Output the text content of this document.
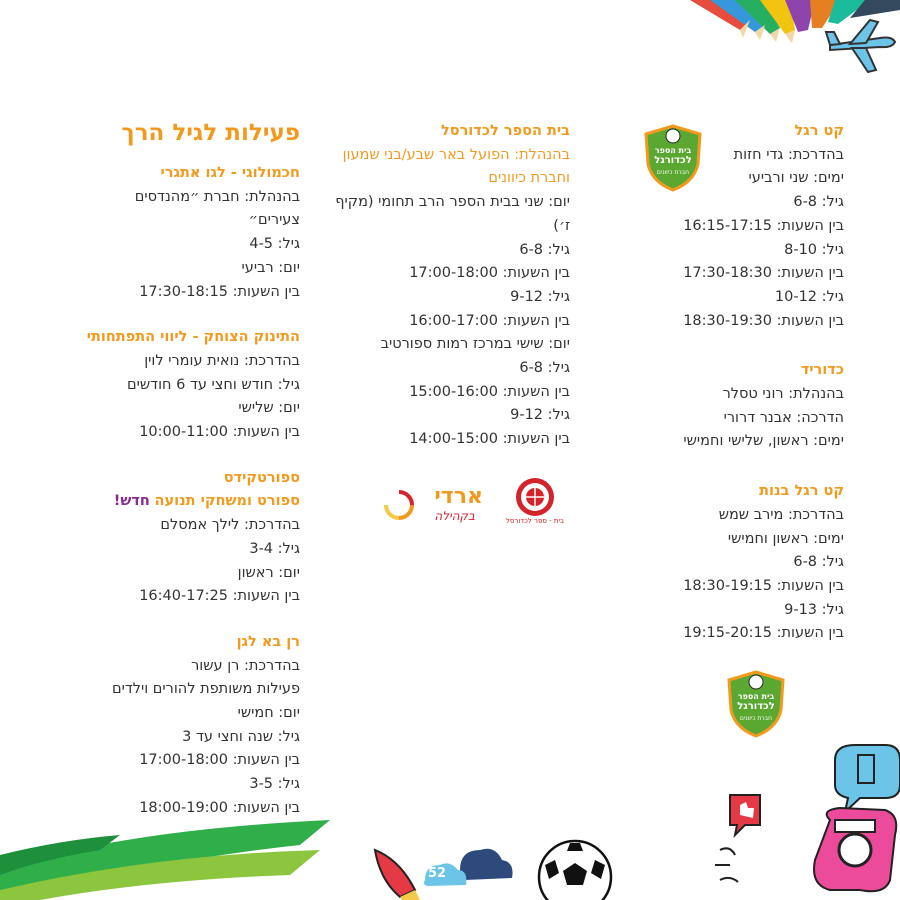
52
קט רגל
בהדרכת: גדי חזות
ימים: שני ורביעי
גיל: 6-8
בין השעות: 16:15-17:15
גיל: 8-10
בין השעות: 17:30-18:30
גיל: 10-12
בין השעות: 18:30-19:30
כדוריד
בהנהלת: רוני טסלר
הדרכה: אבנר דרורי
ימים: ראשון, שלישי וחמישי
קט רגל בנות
בהדרכת: מירב שמש
ימים: ראשון וחמישי
גיל: 6-8
בין השעות: 18:30-19:15
גיל: 9-13
בין השעות: 19:15-20:15
בית הספר
לכדורגל
חברת כיוונים
בית הספר
לכדורגל
חברת כיוונים
בית הספר לכדורסל
בהנהלת: הפועל באר שבע/בני שמעון וחברת כיוונים
יום: שני בבית הספר הרב תחומי (מקיף ז׳)
גיל: 6-8
בין השעות: 17:00-18:00
גיל: 9-12
בין השעות: 16:00-17:00
יום: שישי במרכז רמות ספורטיב
גיל: 6-8
בין השעות: 15:00-16:00
גיל: 9-12
בין השעות: 14:00-15:00
בית - ספר לכדורסל
ארדי
בקהילה
פעילות לגיל הרך
חכמולוגי - לגו אתגרי
בהנהלת: חברת ״מהנדסים צעירים״
גיל: 4-5
יום: רביעי
בין השעות: 17:30-18:15
התינוק הצוחק - ליווי התפתחותי
בהדרכת: נואית עומרי לוין
גיל: חודש וחצי עד 6 חודשים
יום: שלישי
בין השעות: 10:00-11:00
ספורטקידס
ספורט ומשחקי תנועה חדש!
בהדרכת: לילך אמסלם
גיל: 3-4
יום: ראשון
בין השעות: 16:40-17:25
רן בא לגן
בהדרכת: רן עשור
פעילות משותפת להורים וילדים
יום: חמישי
גיל: שנה וחצי עד 3
בין השעות: 17:00-18:00
גיל: 3-5
בין השעות: 18:00-19:00
